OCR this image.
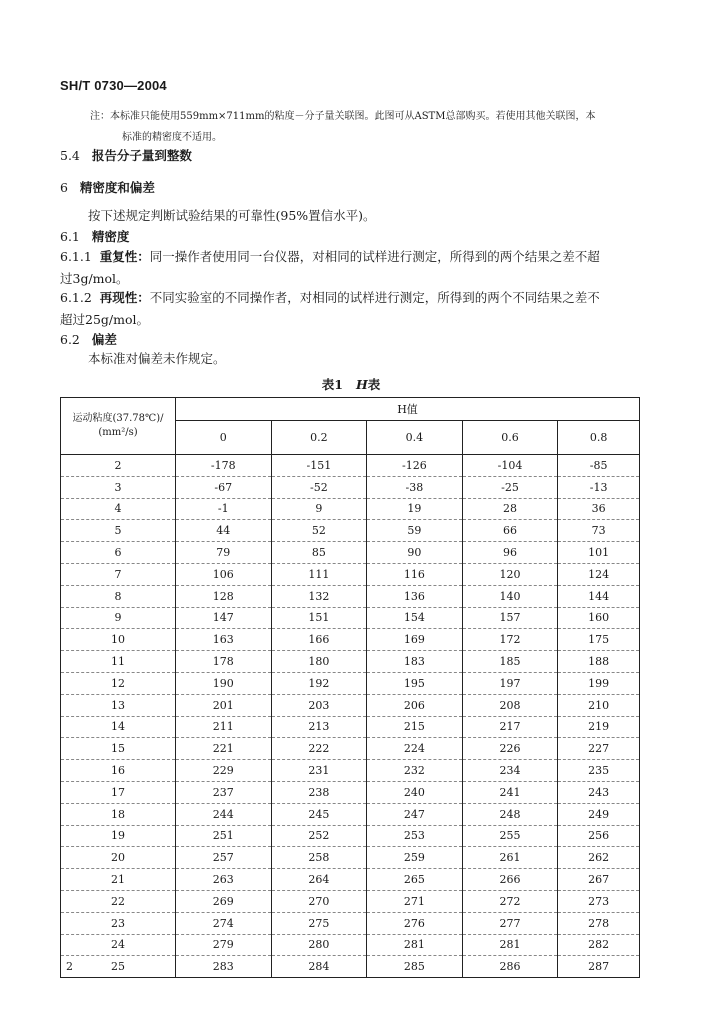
SH/T 0730—2004
注：本标准只能使用559mm×711mm的粘度－分子量关联图。此图可从ASTM总部购买。若使用其他关联图，本
标准的精密度不适用。
5.4 报告分子量到整数
6 精密度和偏差
按下述规定判断试验结果的可靠性(95%置信水平)。
6.1 精密度
6.1.1 重复性：同一操作者使用同一台仪器，对相同的试样进行测定，所得到的两个结果之差不超
过3g/mol。
6.1.2 再现性：不同实验室的不同操作者，对相同的试样进行测定，所得到的两个不同结果之差不
超过25g/mol。
6.2 偏差
本标准对偏差未作规定。
表1 H表
运动粘度(37.78℃)/
(mm²/s)	H值				
	0	0.2	0.4	0.6	0.8
2	-178	-151	-126	-104	-85
3	-67	-52	-38	-25	-13
4	-1	9	19	28	36
5	44	52	59	66	73
6	79	85	90	96	101
7	106	111	116	120	124
8	128	132	136	140	144
9	147	151	154	157	160
10	163	166	169	172	175
11	178	180	183	185	188
12	190	192	195	197	199
13	201	203	206	208	210
14	211	213	215	217	219
15	221	222	224	226	227
16	229	231	232	234	235
17	237	238	240	241	243
18	244	245	247	248	249
19	251	252	253	255	256
20	257	258	259	261	262
21	263	264	265	266	267
22	269	270	271	272	273
23	274	275	276	277	278
24	279	280	281	281	282
25	283	284	285	286	287
2
